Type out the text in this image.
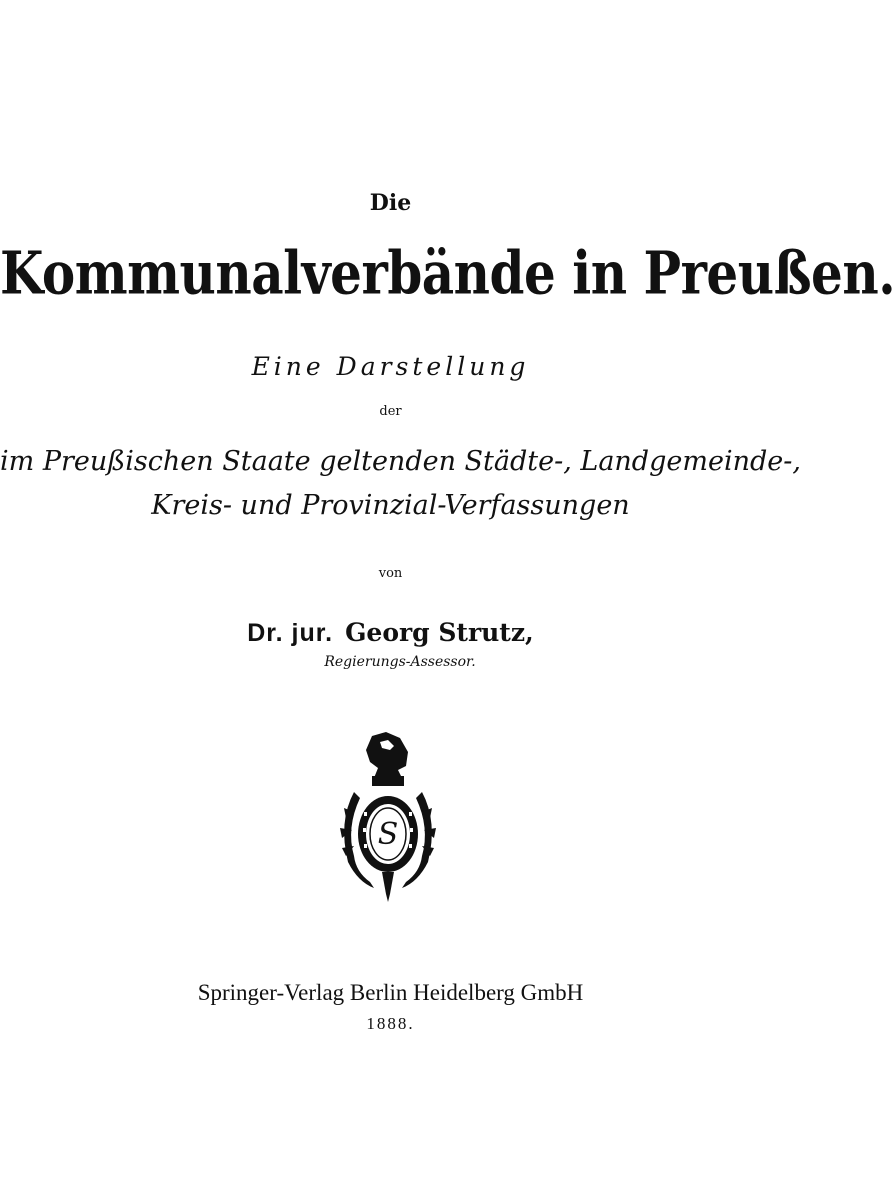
Die
Kommunalverbände in Preußen.
Eine Darstellung
der
im Preußischen Staate geltenden Städte-, Landgemeinde-,
Kreis- und Provinzial-Verfassungen
von
Dr. jur. Georg Strutz,
Regierungs-Assessor.
S
Springer-Verlag Berlin Heidelberg GmbH
1888.
